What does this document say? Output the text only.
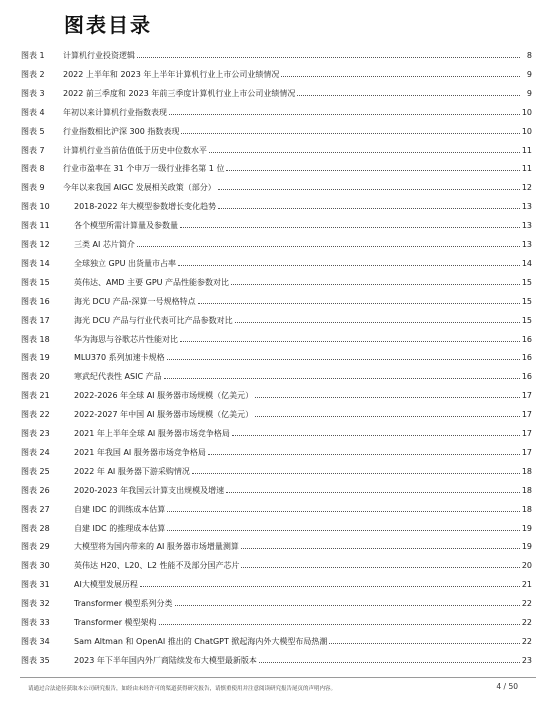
图表目录
图表 1 计算机行业投资逻辑	8
图表 2 2022 上半年和 2023 年上半年计算机行业上市公司业绩情况	9
图表 3 2022 前三季度和 2023 年前三季度计算机行业上市公司业绩情况	9
图表 4 年初以来计算机行业指数表现	10
图表 5 行业指数相比沪深 300 指数表现	10
图表 7 计算机行业当前估值低于历史中位数水平	11
图表 8 行业市盈率在 31 个申万一级行业排名第 1 位	11
图表 9 今年以来我国 AIGC 发展相关政策（部分）	12
图表 10	2018-2022 年大模型参数增长变化趋势	13
图表 11	各个模型所需计算量及参数量	13
图表 12	三类 AI 芯片简介	13
图表 14	全球独立 GPU 出货量市占率	14
图表 15	英伟达、AMD 主要 GPU 产品性能参数对比	15
图表 16	海光 DCU 产品-深算一号规格特点	15
图表 17	海光 DCU 产品与行业代表可比产品参数对比	15
图表 18	华为海思与谷歌芯片性能对比	16
图表 19	MLU370 系列加速卡规格	16
图表 20	寒武纪代表性 ASIC 产品	16
图表 21	2022-2026 年全球 AI 服务器市场规模（亿美元）	17
图表 22	2022-2027 年中国 AI 服务器市场规模（亿美元）	17
图表 23	2021 年上半年全球 AI 服务器市场竞争格局	17
图表 24	2021 年我国 AI 服务器市场竞争格局	17
图表 25	2022 年 AI 服务器下游采购情况	18
图表 26	2020-2023 年我国云计算支出规模及增速	18
图表 27	自建 IDC 的训练成本估算	18
图表 28	自建 IDC 的推理成本估算	19
图表 29	大模型将为国内带来的 AI 服务器市场增量测算	19
图表 30	英伟达 H20、L20、L2 性能不及部分国产芯片	20
图表 31	AI大模型发展历程	21
图表 32	Transformer 模型系列分类	22
图表 33	Transformer 模型架构	22
图表 34	Sam Altman 和 OpenAI 推出的 ChatGPT 掀起海内外大模型布局热潮	22
图表 35	2023 年下半年国内外厂商陆续发布大模型最新版本	23
请通过合法途径获取本公司研究报告，如经由未经许可的渠道获得研究报告，请慎重使用并注意阅读研究报告尾页的声明内容。	4 / 50
